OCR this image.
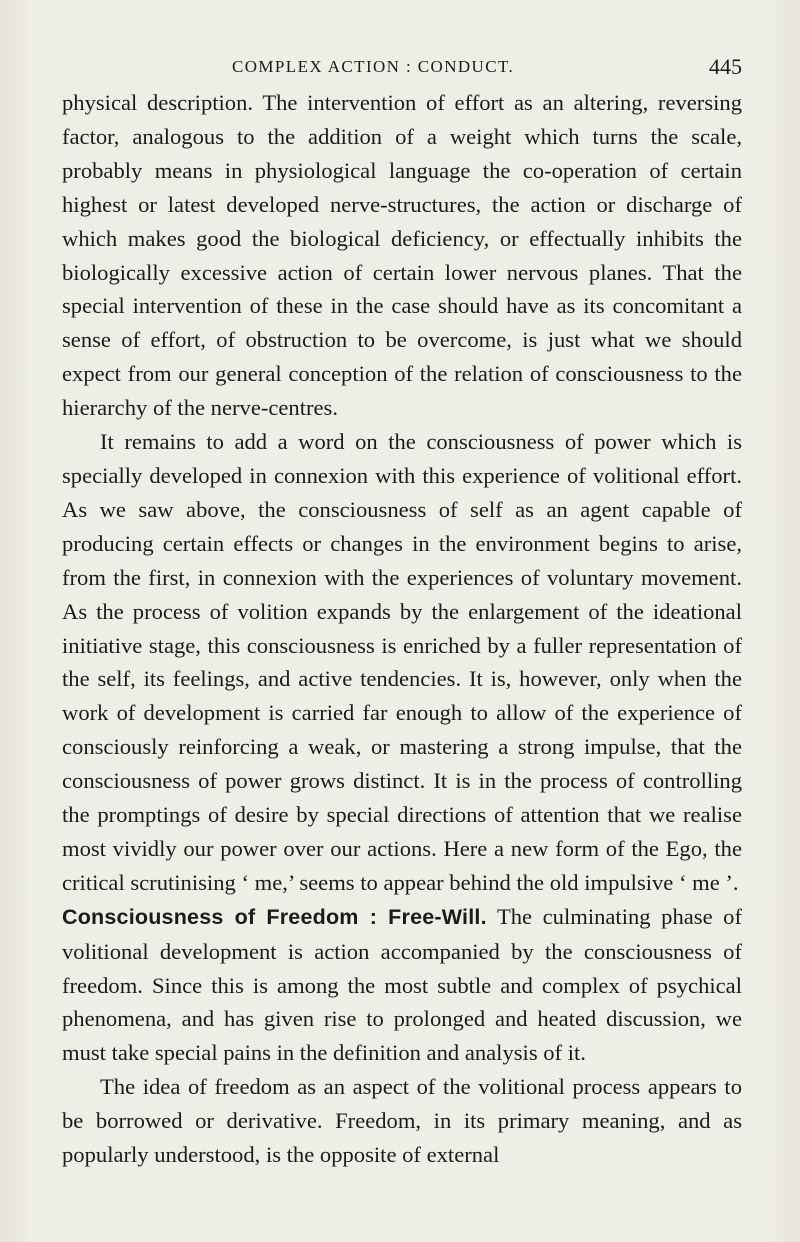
COMPLEX ACTION : CONDUCT.	445

physical description. The intervention of effort as an altering, reversing factor, analogous to the addition of a weight which turns the scale, probably means in physiological language the co-operation of certain highest or latest developed nerve-structures, the action or discharge of which makes good the biological deficiency, or effectually inhibits the biologically excessive action of certain lower nervous planes. That the special intervention of these in the case should have as its concomitant a sense of effort, of obstruction to be overcome, is just what we should expect from our general conception of the relation of consciousness to the hierarchy of the nerve-centres.

It remains to add a word on the consciousness of power which is specially developed in connexion with this experience of volitional effort. As we saw above, the consciousness of self as an agent capable of producing certain effects or changes in the environment begins to arise, from the first, in connexion with the experiences of voluntary movement. As the process of volition expands by the enlargement of the ideational initiative stage, this consciousness is enriched by a fuller representation of the self, its feelings, and active tendencies. It is, however, only when the work of development is carried far enough to allow of the experience of consciously reinforcing a weak, or mastering a strong impulse, that the consciousness of power grows distinct. It is in the process of controlling the promptings of desire by special directions of attention that we realise most vividly our power over our actions. Here a new form of the Ego, the critical scrutinising ‘ me,’ seems to appear behind the old impulsive ‘ me ’.

Consciousness of Freedom : Free-Will. The culminating phase of volitional development is action accompanied by the consciousness of freedom. Since this is among the most subtle and complex of psychical phenomena, and has given rise to prolonged and heated discussion, we must take special pains in the definition and analysis of it.

The idea of freedom as an aspect of the volitional process appears to be borrowed or derivative. Freedom, in its primary meaning, and as popularly understood, is the opposite of external
